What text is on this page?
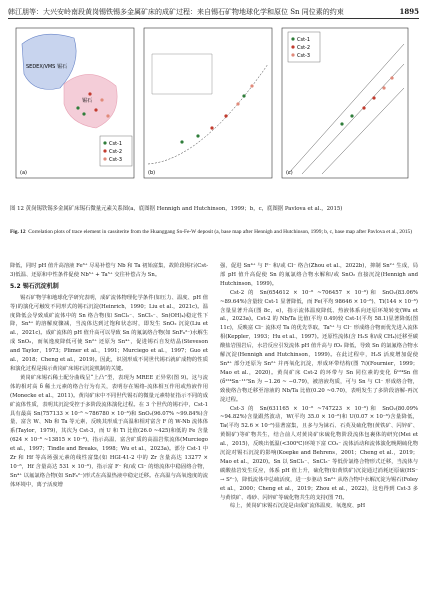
韩江朋等：大兴安岭南段黄岗锡铁锡多金属矿床的成矿过程：来自锡石矿物地球化学和原位 Sn 同位素的约束	1895
SEDEX/VMS 锡石
锡石
(a)
Cst-1
Cst-2
Cst-3
(b)	(c)
Cst-1
Cst-2
Cst-3
图 12 黄岗锡铁锡多金属矿床锡石微量元素关系图(a，底图据 Hennigh and Hutchinson，1999；b，c，底图据 Pavlova et al.，2015)
Fig. 12 Correlation plots of trace element in cassiterite from the Huanggang Sn-Fe-W deposit (a, base map after Hennigh and Hutchinson, 1999; b, c, base map after Pavlova et al., 2015)

降低，同时 pH 值升高溶液 Fe³⁺ 尽易补偿与 Nb 和 Ta 初始富集，故阶段锡石(Cst-3)低温、还原和中性条件促使 Nb⁵⁺ + Ta⁵⁺ 交往补偿占为 Sn。

5.2 锡石沉淀机制

锡石矿物学和地球化学研究表明，成矿流体物理化学条件(如压力、温度、pH 值等)的演化可触发不同形式的锡石沉淀(Heinrich，1990；Liu et al.，2021c)。温度降低会导致成矿流体中的 Sn 络合物(如 SnCl₂⁻、SnCl₃⁻、Sn(OH)₄)稳定性下降，Sn⁴⁺ 的溶解度骤减，当流体达到过饱和状态时，即发生 SnO₂ 沉淀(Liu et al.，2021c)。成矿流体的 pH 值升高可以导致 Sn 的氟氯络合物(如 SnF₆²⁻)水解生成 SnO₂，而氧逸度降低可使 Sn²⁺ 还原为 Sn⁴⁺，促进锡石自发结晶(Steveson and Taylor，1973；Plimer et al.，1991；Murciego et al.，1997；Guo et al.，2018；Cheng et al.，2019)。因此，识别形成不同世代锡石就矿成物的性质和演化过程是揭示黄岗矿床锡石沉淀机制的关键。

黄岗矿床锡石稀土配分曲线呈“上凸”型，表现为 MREE 正异常(图 9)。这与流体的相对高 δ 稀土元素的络合行为有关，表明存在锡络-流体相互作用或热液作用(Monecke et al.，2011)。黄岗矿床中不同世代锡石的微量元素特征指示不同的成矿流体性质，表明其沉淀受控于多阶段流体演化过程。在 3 个世代的锡石中，Cst-1 具有最高 Sn(757133 × 10⁻⁶ ~786780 × 10⁻⁶)和 SnO₂(96.07% ~99.84%)含量，富含 W、Nb 和 Ta 等元素，反映其形成于高温和相对富含 F 的 W-Nb 流体体系(Taylor，1979)，其次为 Cst-3，而 U 和 Ti 比值(26.0 ~425)和低的 Fe 含量(624 × 10⁻⁶ ~13815 × 10⁻⁶)，指示高温、富含矿质的高温岩浆流体(Murciego et al.，1997；Tindle and Breaks，1998；Wu et al.，2023a)。部分 Cst-1 中 Zr 和 Hf 等高场强元素的线性富集(如 HGI-41-2 中的 Zr 含量高达 13277 × 10⁻⁶，Hf 含量高达 531 × 10⁻⁶)，指示富 F⁻ 和/或 Cl⁻ 的熔流体中稳固络合物，Sn⁴⁺ 以氟氯络合物(如 SnF₆²⁻)形式在高温热液中稳定迁移。在高温与高氧逸度的流体环境中，离子活度增

强，促进 Sn⁴⁺ 与 F⁻ 和/或 Cl⁻ 络合(Zhou et al.，2022b)，抑制 Sn²⁺ 生成，局部 pH 值升高促使 Sn 的氟氯络合物水解和/或 SnO₂ 直接沉淀(Hennigh and Hutchinson，1999)。

Cst-2 的 Sn(654612 × 10⁻⁶ ~706457 × 10⁻⁶)和 SnO₂(83.06% ~89.64%)含量较 Cst-1 显著降低，而 Fe(平均 98646 × 10⁻⁶)、Ti(144 × 10⁻⁶)含量显著升高(图 8c，e)，指示流体温度降低、热液体系向还原环境转变(Wu et al.，2023a)。Cst-2 的 Nb/Ta 比值(平均 0.49)较 Cst-1(平均 58.1)显著降低(图 11c)，反映富 Cl⁻ 流体对 Ta 的优先萃取，Ta⁵⁺ 与 Cl⁻ 形成络合物而优先进入流体相(Keppler，1993；Hu et al.，1997)。还原性流体(含 H₂S 和/或 CH₄)迁移至碳酸盐岩围岩后，水岩反应引发流体 pH 值升高与 fO₂ 降低，导致 Sn 的氯氟络合物水解沉淀(Hennigh and Hutchinson，1999)。在此过程中，H₂S 活度增加促使 Sn⁴⁺ 部分还原为 Sn²⁺ 并再氧化沉淀，形成环带结构(图 7i)(Fournier，1999；Mao et al.，2020)。黄岗矿床 Cst-2 的环带与 Sn 同位素的变化 δ¹²⁴Sn 值(δ¹²⁴Sn⁻¹¹⁷Sn 为 −1.26 ~ −0.79)，被溶液均质，可与 Sn 与 Cl⁻ 形成络合物，致使络合物迁移至溶液的 Nb/Ta 比值(0.20 ~0.70)，表明发生了多阶段溶解-再沉淀过程。

Cst-3 的 Sn(631165 × 10⁻⁶ ~747223 × 10⁻⁶)和 SnO₂(80.09% ~94.82%)含量跟然波动，W(平均 35.0 × 10⁻⁶)和 U(0.07 × 10⁻⁶)含量降低，Ta(平均 52.6 × 10⁻⁶)显著富集，且多与为铼石、石英及硫化物(黄铁矿、闪锌矿、黄铜矿)等矿物共生，结合前人对黄岗矿床硫化物阶段流体包裹体的研究(Mei et al.，2015)，反映出低温(<300℃)环境下富 CO₂⁻ 流体活动和流体演化晚期硫化物沉淀对锡石沉淀的影响(Koepke and Behrens，2001；Cheng et al.，2019；Mao et al.，2020)。Sn 以 SnCl₂⁻、SnCl₃⁻ 等低价氯络合物形式迁移，当流体与碳酸盐岩发生反应，体系 pH 值上升，硫化物(如黄铁矿)沉淀通过消耗还原硫(HS⁻ → S²⁻)，降低流体中总硫活度，进一步驱动 Sn²⁺ 从络合物中水解沉淀为锡石(Foley et al.，2000；Cheng et al.，2019；Zhou et al.，2022)，这也得到 Cst-3 多与黄铁矿、毒砂、闪锌矿等硫化物共生的支持(图 7f)。

综上，黄岗矿床锡石沉淀是由成矿流体温度、氧逸度、pH
